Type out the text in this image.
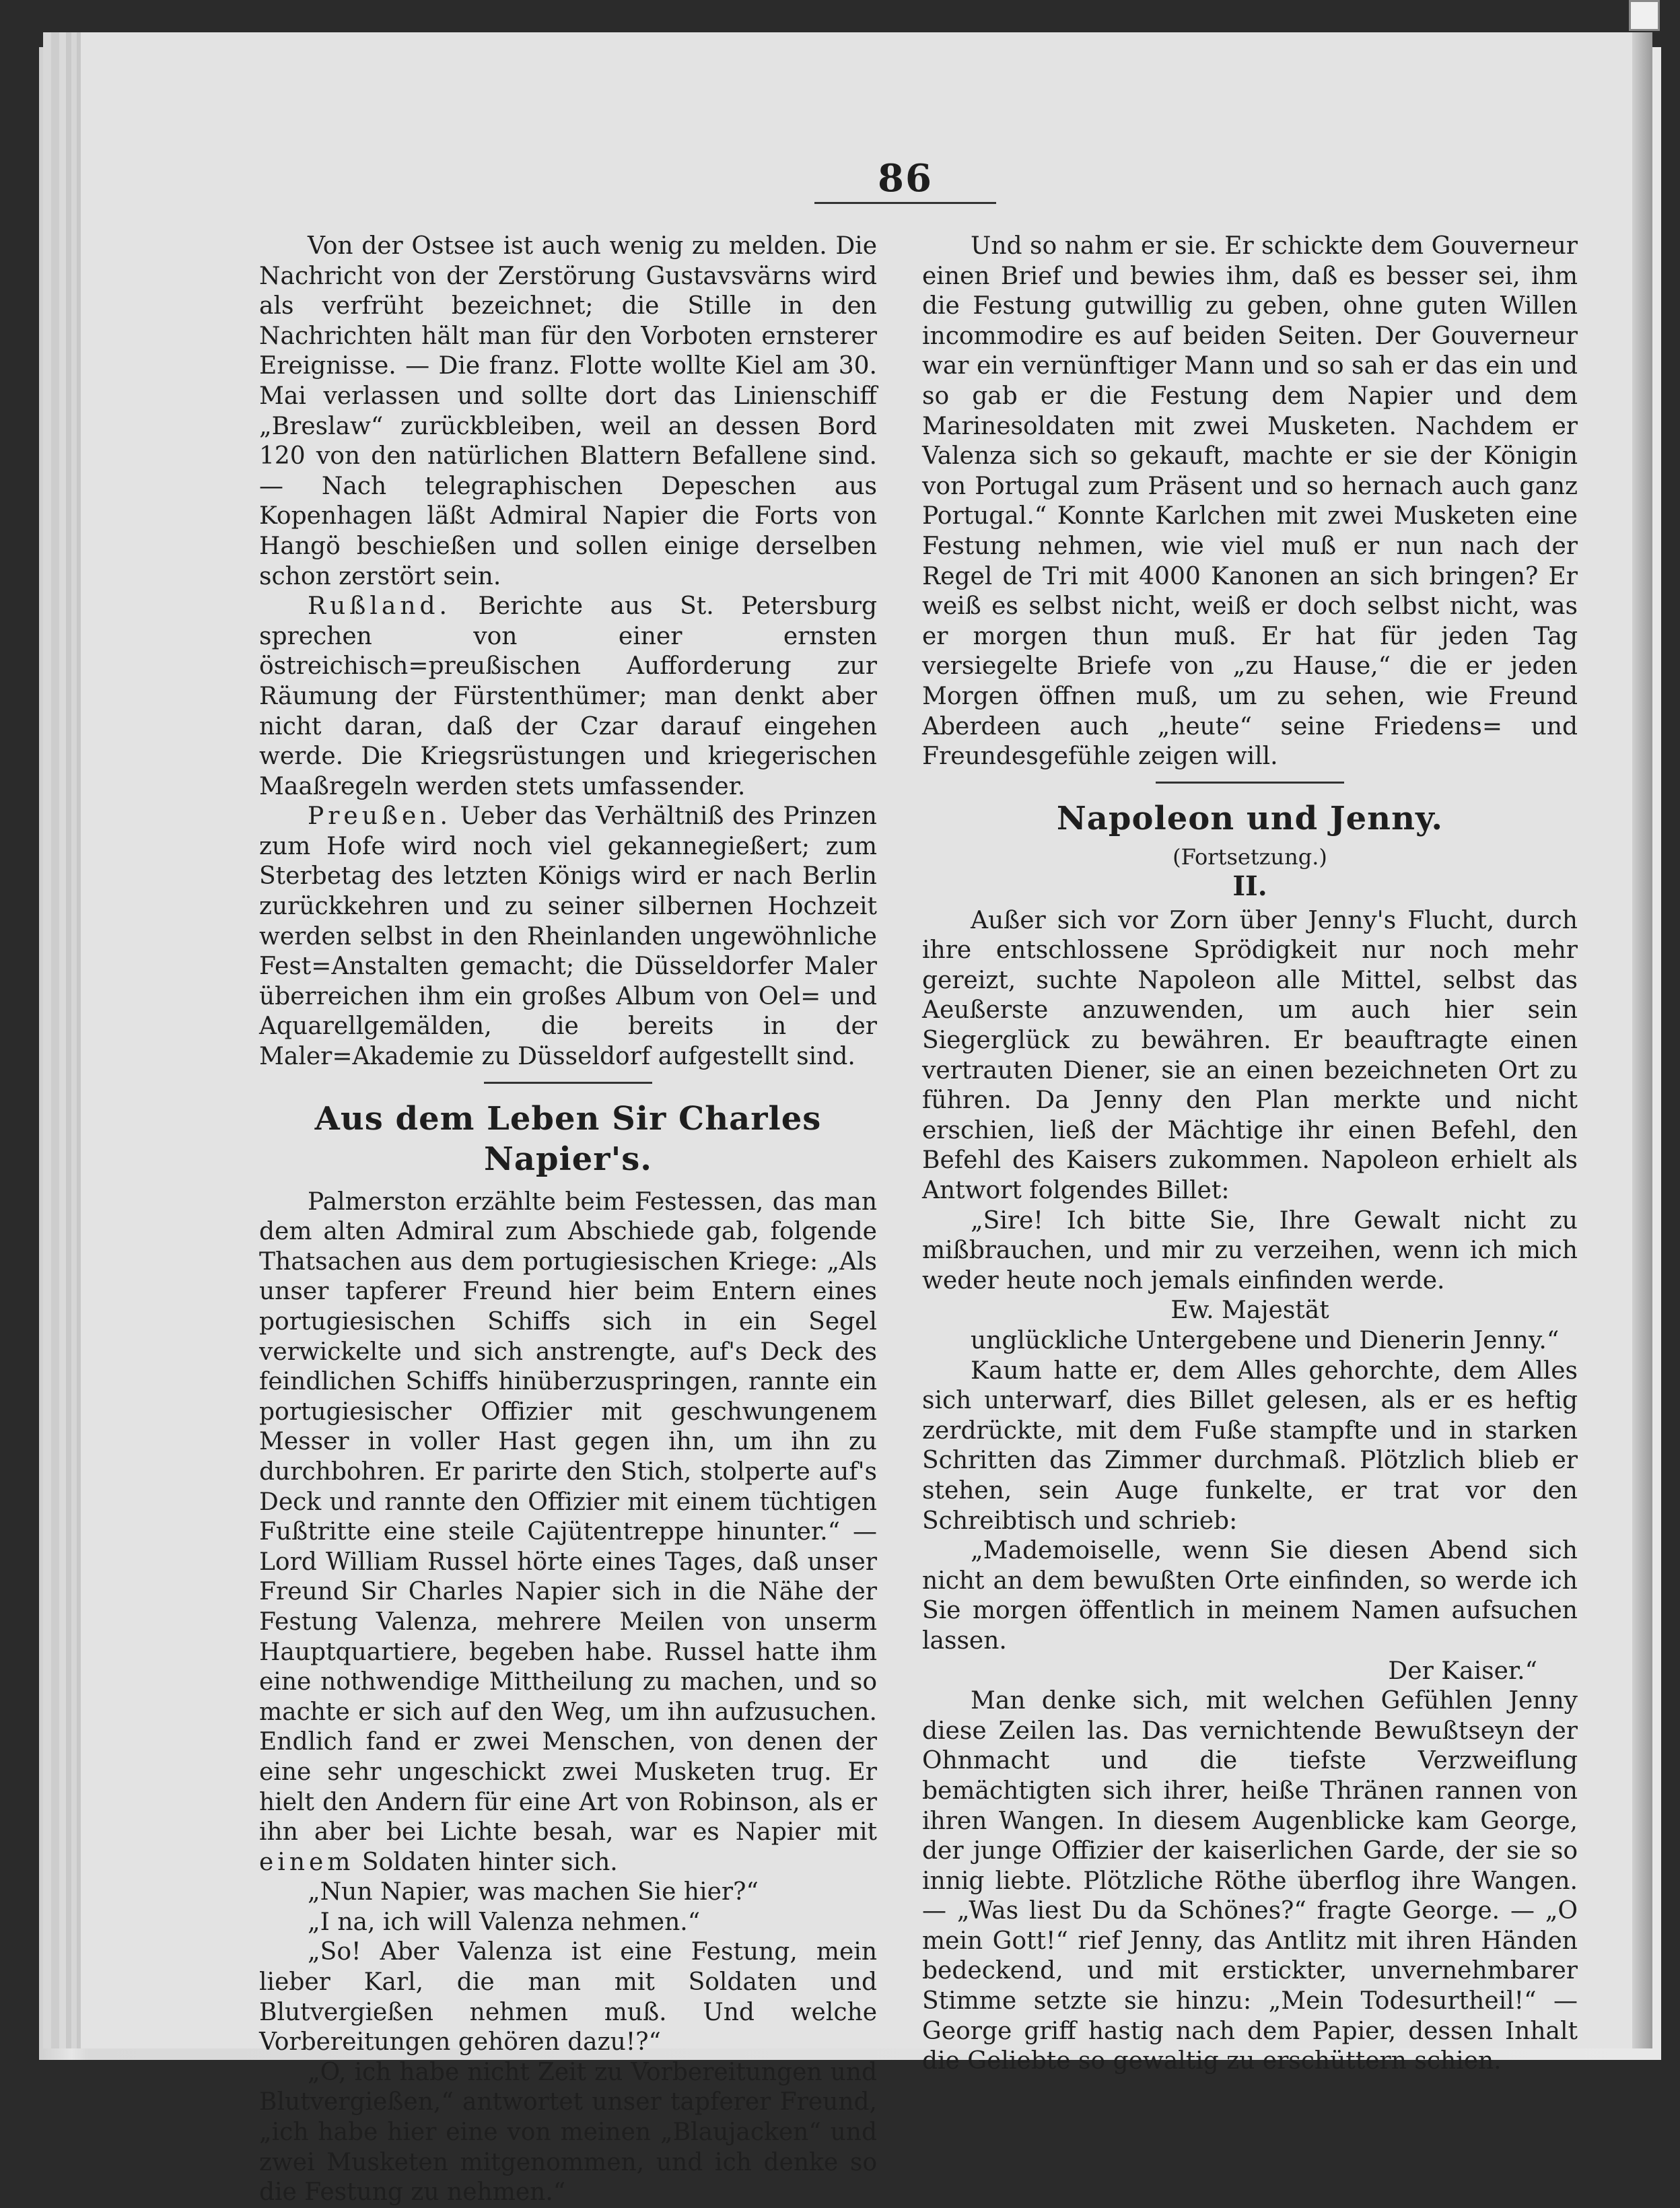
86

Von der Ostsee ist auch wenig zu melden. Die Nachricht von der Zerstörung Gustavsvärns wird als verfrüht bezeichnet; die Stille in den Nachrichten hält man für den Vorboten ernsterer Ereignisse. — Die franz. Flotte wollte Kiel am 30. Mai verlassen und sollte dort das Linienschiff „Breslaw“ zurückbleiben, weil an dessen Bord 120 von den natürlichen Blattern Befallene sind. — Nach telegraphischen Depeschen aus Kopenhagen läßt Admiral Napier die Forts von Hangö beschießen und sollen einige derselben schon zerstört sein.

Rußland. Berichte aus St. Petersburg sprechen von einer ernsten östreichisch=preußischen Aufforderung zur Räumung der Fürstenthümer; man denkt aber nicht daran, daß der Czar darauf eingehen werde. Die Kriegsrüstungen und kriegerischen Maaßregeln werden stets umfassender.

Preußen. Ueber das Verhältniß des Prinzen zum Hofe wird noch viel gekannegießert; zum Sterbetag des letzten Königs wird er nach Berlin zurückkehren und zu seiner silbernen Hochzeit werden selbst in den Rheinlanden ungewöhnliche Fest=Anstalten gemacht; die Düsseldorfer Maler überreichen ihm ein großes Album von Oel= und Aquarellgemälden, die bereits in der Maler=Akademie zu Düsseldorf aufgestellt sind.

Aus dem Leben Sir Charles Napier's.

Palmerston erzählte beim Festessen, das man dem alten Admiral zum Abschiede gab, folgende Thatsachen aus dem portugiesischen Kriege: „Als unser tapferer Freund hier beim Entern eines portugiesischen Schiffs sich in ein Segel verwickelte und sich anstrengte, auf's Deck des feindlichen Schiffs hinüberzuspringen, rannte ein portugiesischer Offizier mit geschwungenem Messer in voller Hast gegen ihn, um ihn zu durchbohren. Er parirte den Stich, stolperte auf's Deck und rannte den Offizier mit einem tüchtigen Fußtritte eine steile Cajütentreppe hinunter.“ — Lord William Russel hörte eines Tages, daß unser Freund Sir Charles Napier sich in die Nähe der Festung Valenza, mehrere Meilen von unserm Hauptquartiere, begeben habe. Russel hatte ihm eine nothwendige Mittheilung zu machen, und so machte er sich auf den Weg, um ihn aufzusuchen. Endlich fand er zwei Menschen, von denen der eine sehr ungeschickt zwei Musketen trug. Er hielt den Andern für eine Art von Robinson, als er ihn aber bei Lichte besah, war es Napier mit einem Soldaten hinter sich.

„Nun Napier, was machen Sie hier?“

„I na, ich will Valenza nehmen.“

„So! Aber Valenza ist eine Festung, mein lieber Karl, die man mit Soldaten und Blutvergießen nehmen muß. Und welche Vorbereitungen gehören dazu!?“

„O, ich habe nicht Zeit zu Vorbereitungen und Blutvergießen,“ antwortet unser tapferer Freund, „ich habe hier eine von meinen „Blaujacken“ und zwei Musketen mitgenommen, und ich denke so die Festung zu nehmen.“

Und so nahm er sie. Er schickte dem Gouverneur einen Brief und bewies ihm, daß es besser sei, ihm die Festung gutwillig zu geben, ohne guten Willen incommodire es auf beiden Seiten. Der Gouverneur war ein vernünftiger Mann und so sah er das ein und so gab er die Festung dem Napier und dem Marinesoldaten mit zwei Musketen. Nachdem er Valenza sich so gekauft, machte er sie der Königin von Portugal zum Präsent und so hernach auch ganz Portugal.“ Konnte Karlchen mit zwei Musketen eine Festung nehmen, wie viel muß er nun nach der Regel de Tri mit 4000 Kanonen an sich bringen? Er weiß es selbst nicht, weiß er doch selbst nicht, was er morgen thun muß. Er hat für jeden Tag versiegelte Briefe von „zu Hause,“ die er jeden Morgen öffnen muß, um zu sehen, wie Freund Aberdeen auch „heute“ seine Friedens= und Freundesgefühle zeigen will.

Napoleon und Jenny.
(Fortsetzung.)
II.

Außer sich vor Zorn über Jenny's Flucht, durch ihre entschlossene Sprödigkeit nur noch mehr gereizt, suchte Napoleon alle Mittel, selbst das Aeußerste anzuwenden, um auch hier sein Siegerglück zu bewähren. Er beauftragte einen vertrauten Diener, sie an einen bezeichneten Ort zu führen. Da Jenny den Plan merkte und nicht erschien, ließ der Mächtige ihr einen Befehl, den Befehl des Kaisers zukommen. Napoleon erhielt als Antwort folgendes Billet:

„Sire! Ich bitte Sie, Ihre Gewalt nicht zu mißbrauchen, und mir zu verzeihen, wenn ich mich weder heute noch jemals einfinden werde.

Ew. Majestät

unglückliche Untergebene und Dienerin Jenny.“

Kaum hatte er, dem Alles gehorchte, dem Alles sich unterwarf, dies Billet gelesen, als er es heftig zerdrückte, mit dem Fuße stampfte und in starken Schritten das Zimmer durchmaß. Plötzlich blieb er stehen, sein Auge funkelte, er trat vor den Schreibtisch und schrieb:

„Mademoiselle, wenn Sie diesen Abend sich nicht an dem bewußten Orte einfinden, so werde ich Sie morgen öffentlich in meinem Namen aufsuchen lassen.

Der Kaiser.“

Man denke sich, mit welchen Gefühlen Jenny diese Zeilen las. Das vernichtende Bewußtseyn der Ohnmacht und die tiefste Verzweiflung bemächtigten sich ihrer, heiße Thränen rannen von ihren Wangen. In diesem Augenblicke kam George, der junge Offizier der kaiserlichen Garde, der sie so innig liebte. Plötzliche Röthe überflog ihre Wangen. — „Was liest Du da Schönes?“ fragte George. — „O mein Gott!“ rief Jenny, das Antlitz mit ihren Händen bedeckend, und mit erstickter, unvernehmbarer Stimme setzte sie hinzu: „Mein Todesurtheil!“ — George griff hastig nach dem Papier, dessen Inhalt die Geliebte so gewaltig zu erschüttern schien.
